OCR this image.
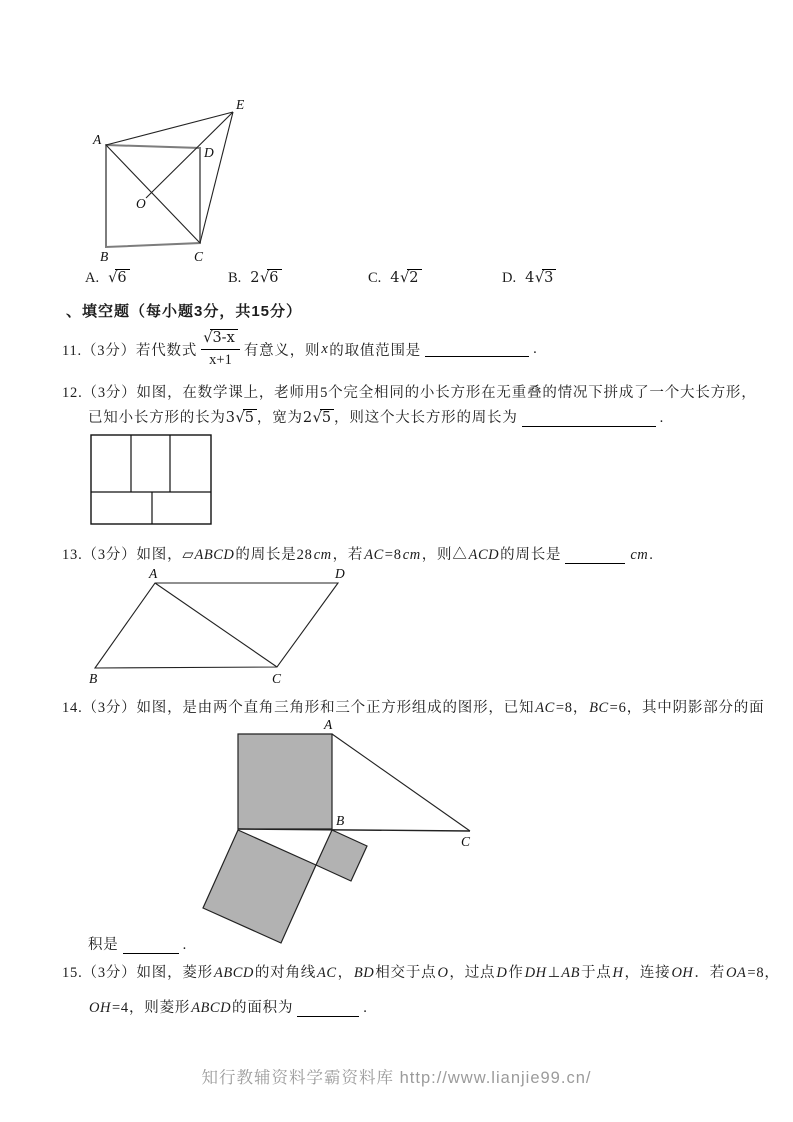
A
B	C
D
E
O
A. √6	B. 2√6	C. 4√2	D. 4√3
、填空题（每小题3分，共15分）
11.（3分）若代数式 $\frac{√3-x}{x+1}$ 有意义，则 x 的取值范围是	.
12.（3分）如图，在数学课上，老师用5个完全相同的小长方形在无重叠的情况下拼成了一个大长方形，
已知小长方形的长为3√5 ，宽为2√5 ，则这个大长方形的周长为	.
13.（3分）如图，▱ABCD的周长是28cm，若AC=8cm，则△ACD的周长是	cm.
A	D
B	C
14.（3分）如图，是由两个直角三角形和三个正方形组成的图形，已知AC=8，BC=6，其中阴影部分的面
A
B
C
积是	.
15.（3分）如图，菱形ABCD的对角线AC，BD相交于点O，过点D作DH⊥AB于点H，连接OH．若OA=8，
OH=4，则菱形ABCD的面积为	.
知行教辅资料学霸资料库 http://www.lianjie99.cn/
